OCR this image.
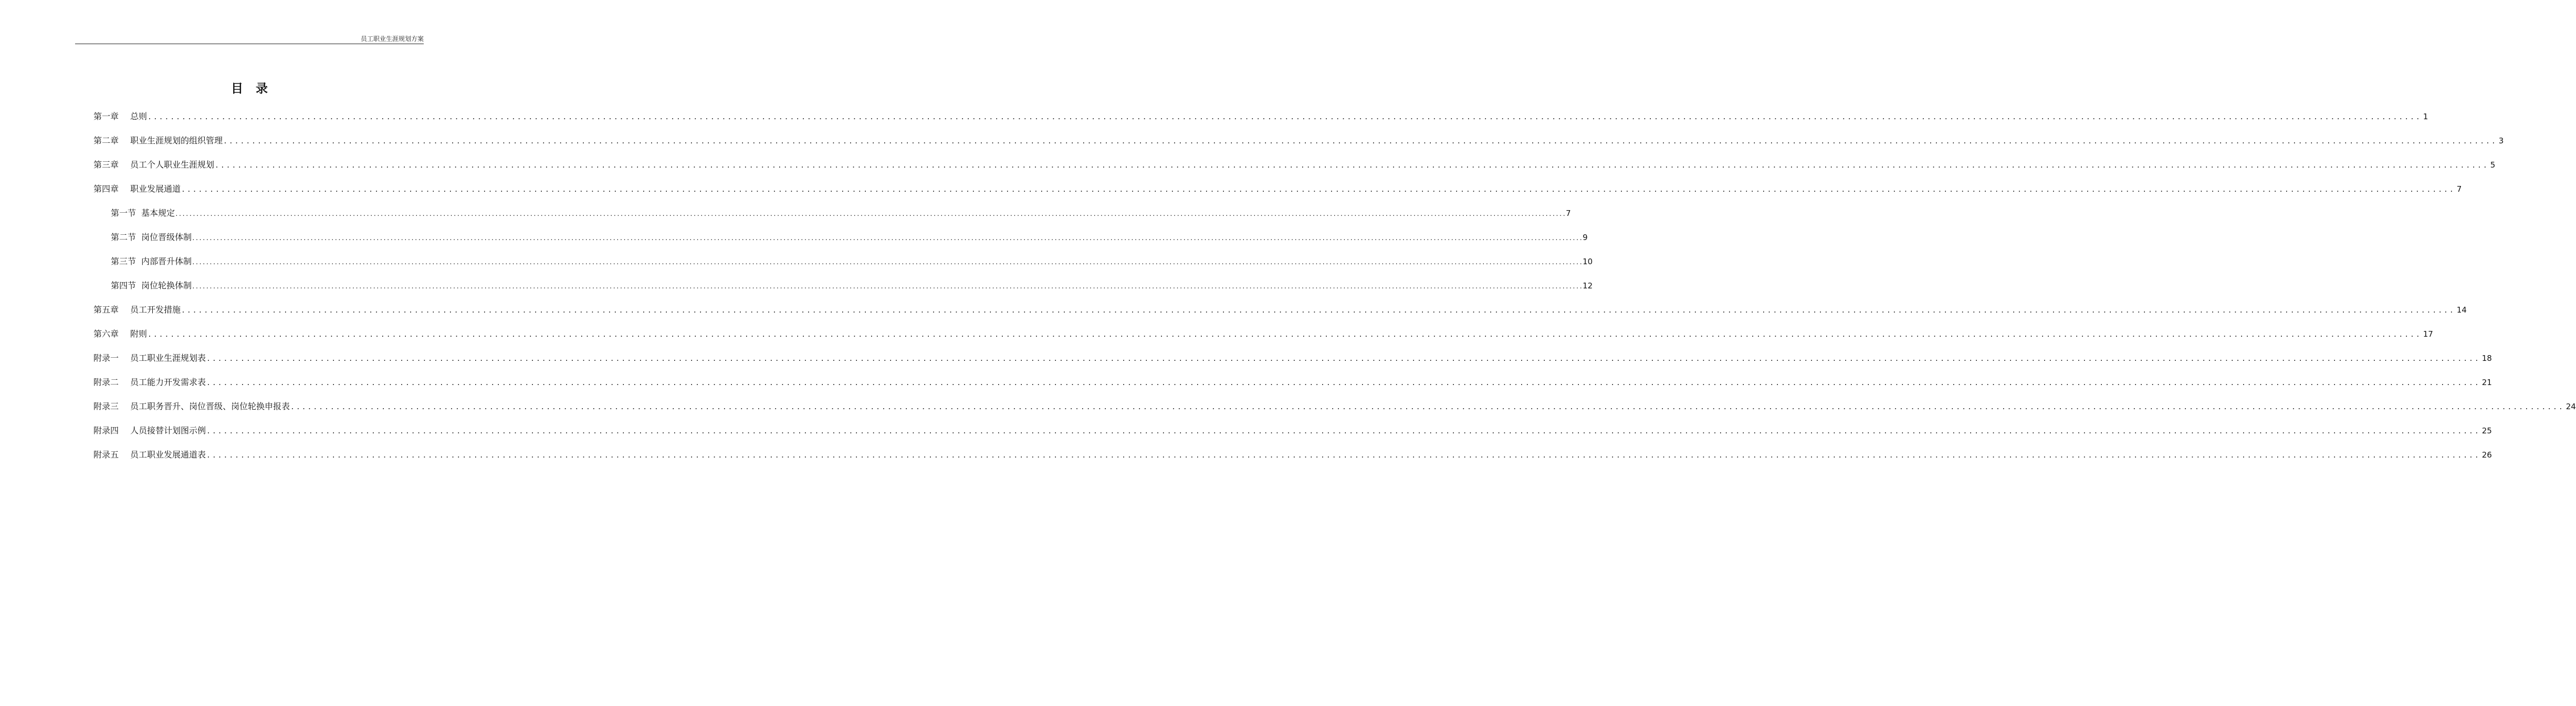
员工职业生涯规划方案
目录
第一章 总则 ................................................................................................................................................................................................................................................................................................................................................................................................................ 1
第二章 职业生涯规划的组织管理 ................................................................................................................................................................................................................................................................................................................................................................................................................ 3
第三章 员工个人职业生涯规划 ................................................................................................................................................................................................................................................................................................................................................................................................................ 5
第四章 职业发展通道 ................................................................................................................................................................................................................................................................................................................................................................................................................ 7
第一节 基本规定 ................................................................................................................................................................................................................................................................................................................................................................................................................ 7
第二节 岗位晋级体制 ................................................................................................................................................................................................................................................................................................................................................................................................................ 9
第三节 内部晋升体制 ................................................................................................................................................................................................................................................................................................................................................................................................................ 10
第四节 岗位轮换体制 ................................................................................................................................................................................................................................................................................................................................................................................................................ 12
第五章 员工开发措施 ................................................................................................................................................................................................................................................................................................................................................................................................................ 14
第六章 附则 ................................................................................................................................................................................................................................................................................................................................................................................................................ 17
附录一 员工职业生涯规划表 ................................................................................................................................................................................................................................................................................................................................................................................................................ 18
附录二 员工能力开发需求表 ................................................................................................................................................................................................................................................................................................................................................................................................................ 21
附录三 员工职务晋升、岗位晋级、岗位轮换申报表 ................................................................................................................................................................................................................................................................................................................................................................................................................ 24
附录四 人员接替计划图示例 ................................................................................................................................................................................................................................................................................................................................................................................................................ 25
附录五 员工职业发展通道表 ................................................................................................................................................................................................................................................................................................................................................................................................................ 26
